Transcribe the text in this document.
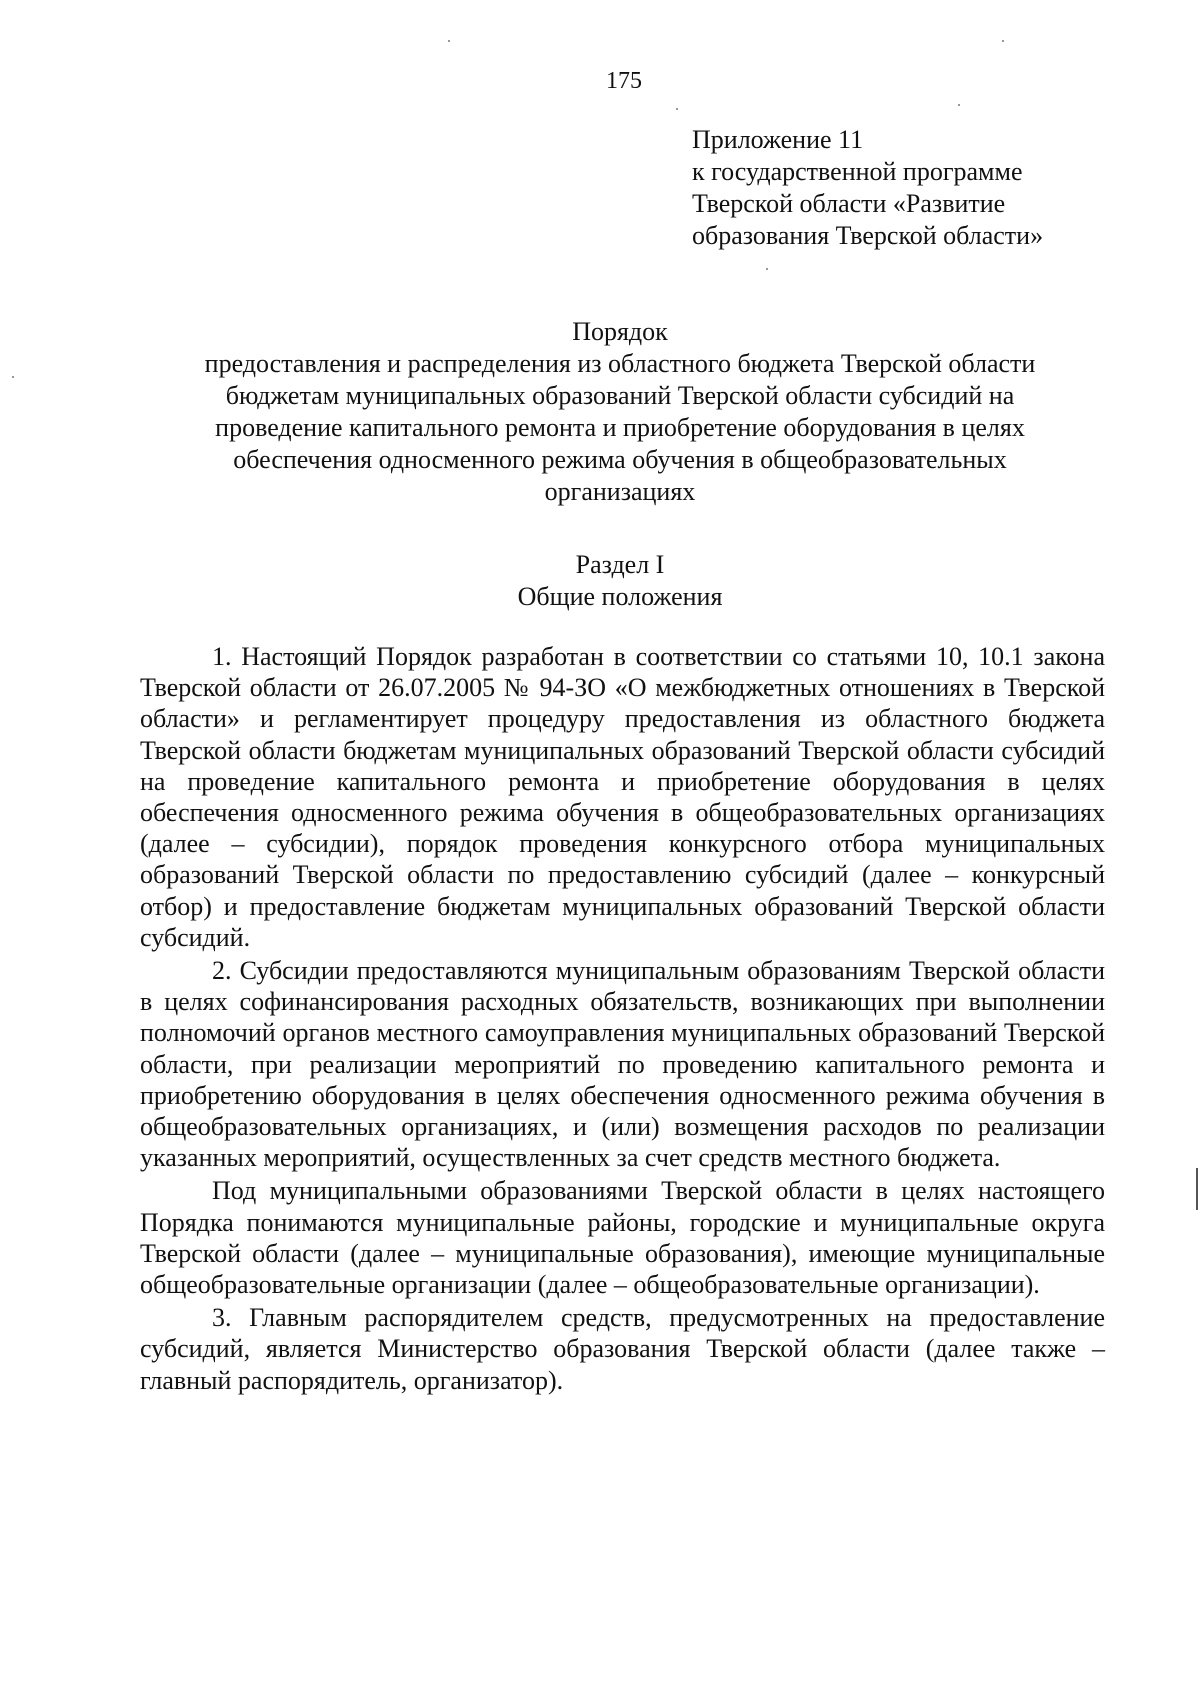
175
Приложение 11
к государственной программе
Тверской области «Развитие
образования Тверской области»
Порядок
предоставления и распределения из областного бюджета Тверской области
бюджетам муниципальных образований Тверской области субсидий на
проведение капитального ремонта и приобретение оборудования в целях
обеспечения односменного режима обучения в общеобразовательных
организациях
Раздел I
Общие положения

1. Настоящий Порядок разработан в соответствии со статьями 10, 10.1 закона Тверской области от 26.07.2005 № 94-ЗО «О межбюджетных отношениях в Тверской области» и регламентирует процедуру предоставления из областного бюджета Тверской области бюджетам муниципальных образований Тверской области субсидий на проведение капитального ремонта и приобретение оборудования в целях обеспечения односменного режима обучения в общеобразовательных организациях (далее – субсидии), порядок проведения конкурсного отбора муниципальных образований Тверской области по предоставлению субсидий (далее – конкурсный отбор) и предоставление бюджетам муниципальных образований Тверской области субсидий.

2. Субсидии предоставляются муниципальным образованиям Тверской области в целях софинансирования расходных обязательств, возникающих при выполнении полномочий органов местного самоуправления муниципальных образований Тверской области, при реализации мероприятий по проведению капитального ремонта и приобретению оборудования в целях обеспечения односменного режима обучения в общеобразовательных организациях, и (или) возмещения расходов по реализации указанных мероприятий, осуществленных за счет средств местного бюджета.

Под муниципальными образованиями Тверской области в целях настоящего Порядка понимаются муниципальные районы, городские и муниципальные округа Тверской области (далее – муниципальные образования), имеющие муниципальные общеобразовательные организации (далее – общеобразовательные организации).

3. Главным распорядителем средств, предусмотренных на предоставление субсидий, является Министерство образования Тверской области (далее также – главный распорядитель, организатор).
